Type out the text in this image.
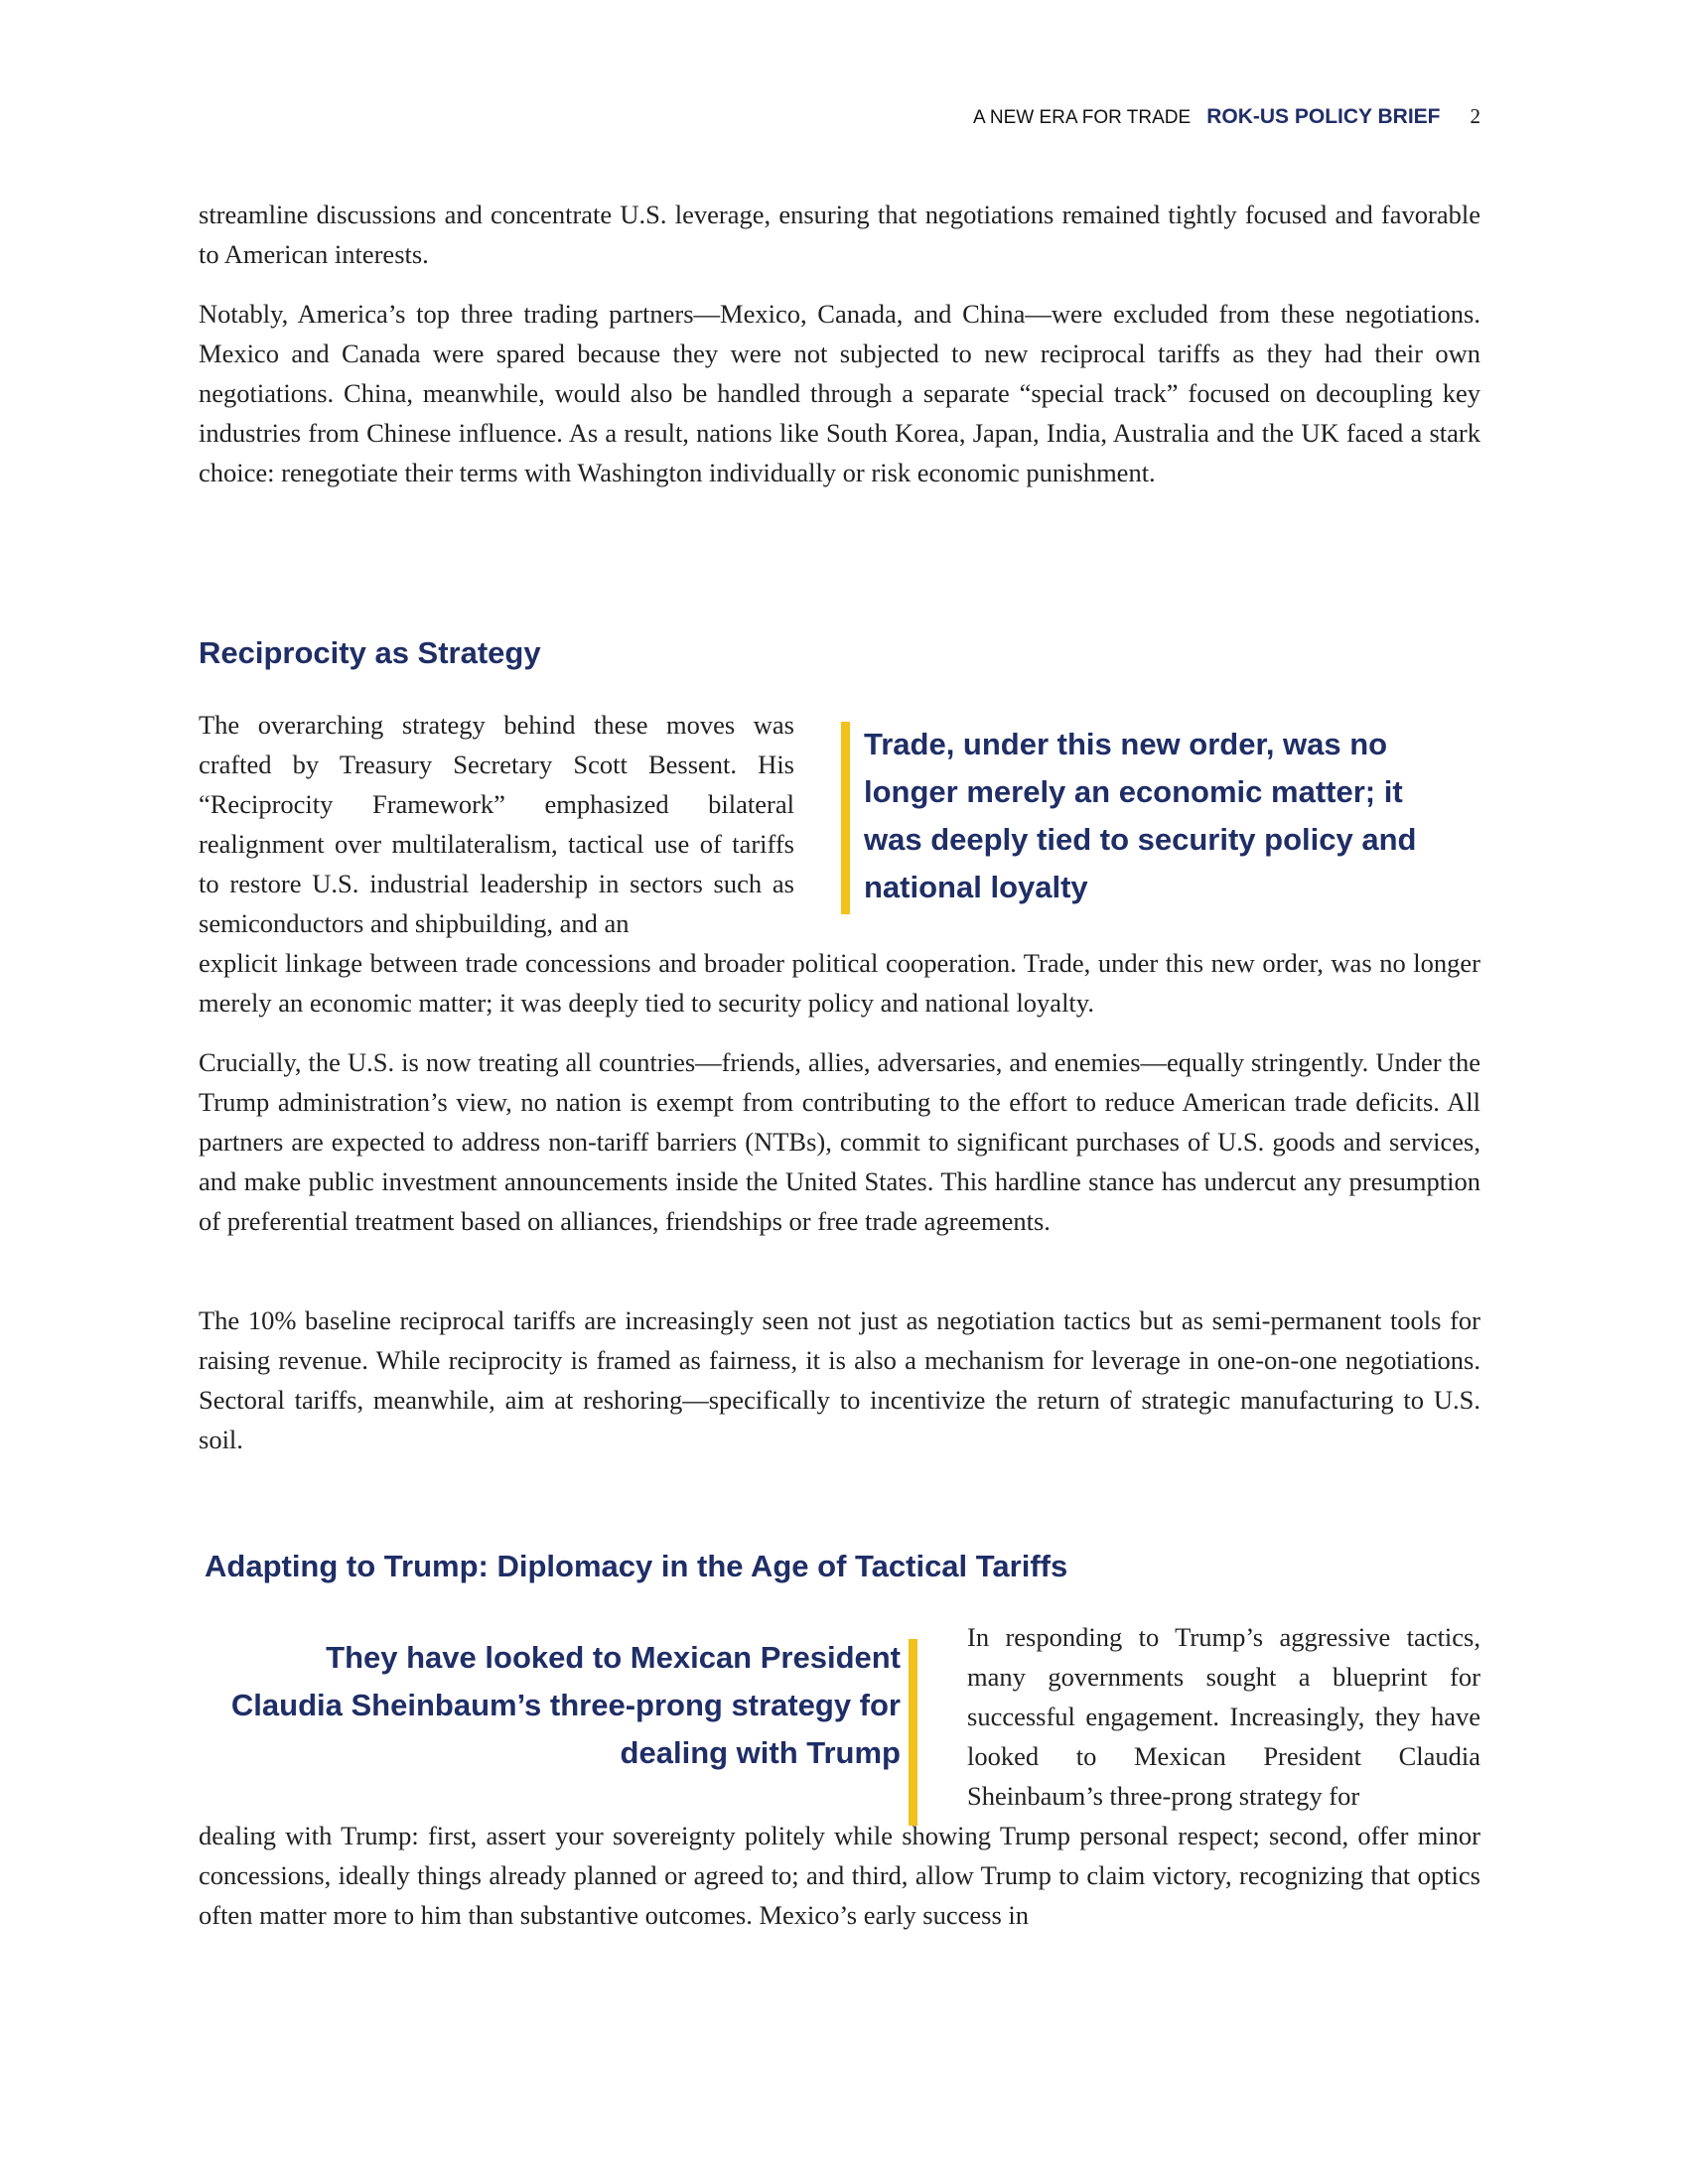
A NEW ERA FOR TRADE ROK-US POLICY BRIEF 2

streamline discussions and concentrate U.S. leverage, ensuring that negotiations remained tightly focused and favorable to American interests.

Notably, America’s top three trading partners—Mexico, Canada, and China—were excluded from these negotiations. Mexico and Canada were spared because they were not subjected to new reciprocal tariffs as they had their own negotiations. China, meanwhile, would also be handled through a separate “special track” focused on decoupling key industries from Chinese influence. As a result, nations like South Korea, Japan, India, Australia and the UK faced a stark choice: renegotiate their terms with Washington individually or risk economic punishment.

Reciprocity as Strategy

The overarching strategy behind these moves was crafted by Treasury Secretary Scott Bessent. His “Reciprocity Framework” emphasized bilateral realignment over multilateralism, tactical use of tariffs to restore U.S. industrial leadership in sectors such as semiconductors and shipbuilding, and an

Trade, under this new order, was no longer merely an economic matter; it was deeply tied to security policy and national loyalty

explicit linkage between trade concessions and broader political cooperation. Trade, under this new order, was no longer merely an economic matter; it was deeply tied to security policy and national loyalty.

Crucially, the U.S. is now treating all countries—friends, allies, adversaries, and enemies—equally stringently. Under the Trump administration’s view, no nation is exempt from contributing to the effort to reduce American trade deficits. All partners are expected to address non-tariff barriers (NTBs), commit to significant purchases of U.S. goods and services, and make public investment announcements inside the United States. This hardline stance has undercut any presumption of preferential treatment based on alliances, friendships or free trade agreements.

The 10% baseline reciprocal tariffs are increasingly seen not just as negotiation tactics but as semi-permanent tools for raising revenue. While reciprocity is framed as fairness, it is also a mechanism for leverage in one-on-one negotiations. Sectoral tariffs, meanwhile, aim at reshoring—specifically to incentivize the return of strategic manufacturing to U.S. soil.

Adapting to Trump: Diplomacy in the Age of Tactical Tariffs

They have looked to Mexican President Claudia Sheinbaum’s three-prong strategy for dealing with Trump

In responding to Trump’s aggressive tactics, many governments sought a blueprint for successful engagement. Increasingly, they have looked to Mexican President Claudia Sheinbaum’s three-prong strategy for

dealing with Trump: first, assert your sovereignty politely while showing Trump personal respect; second, offer minor concessions, ideally things already planned or agreed to; and third, allow Trump to claim victory, recognizing that optics often matter more to him than substantive outcomes. Mexico’s early success in
